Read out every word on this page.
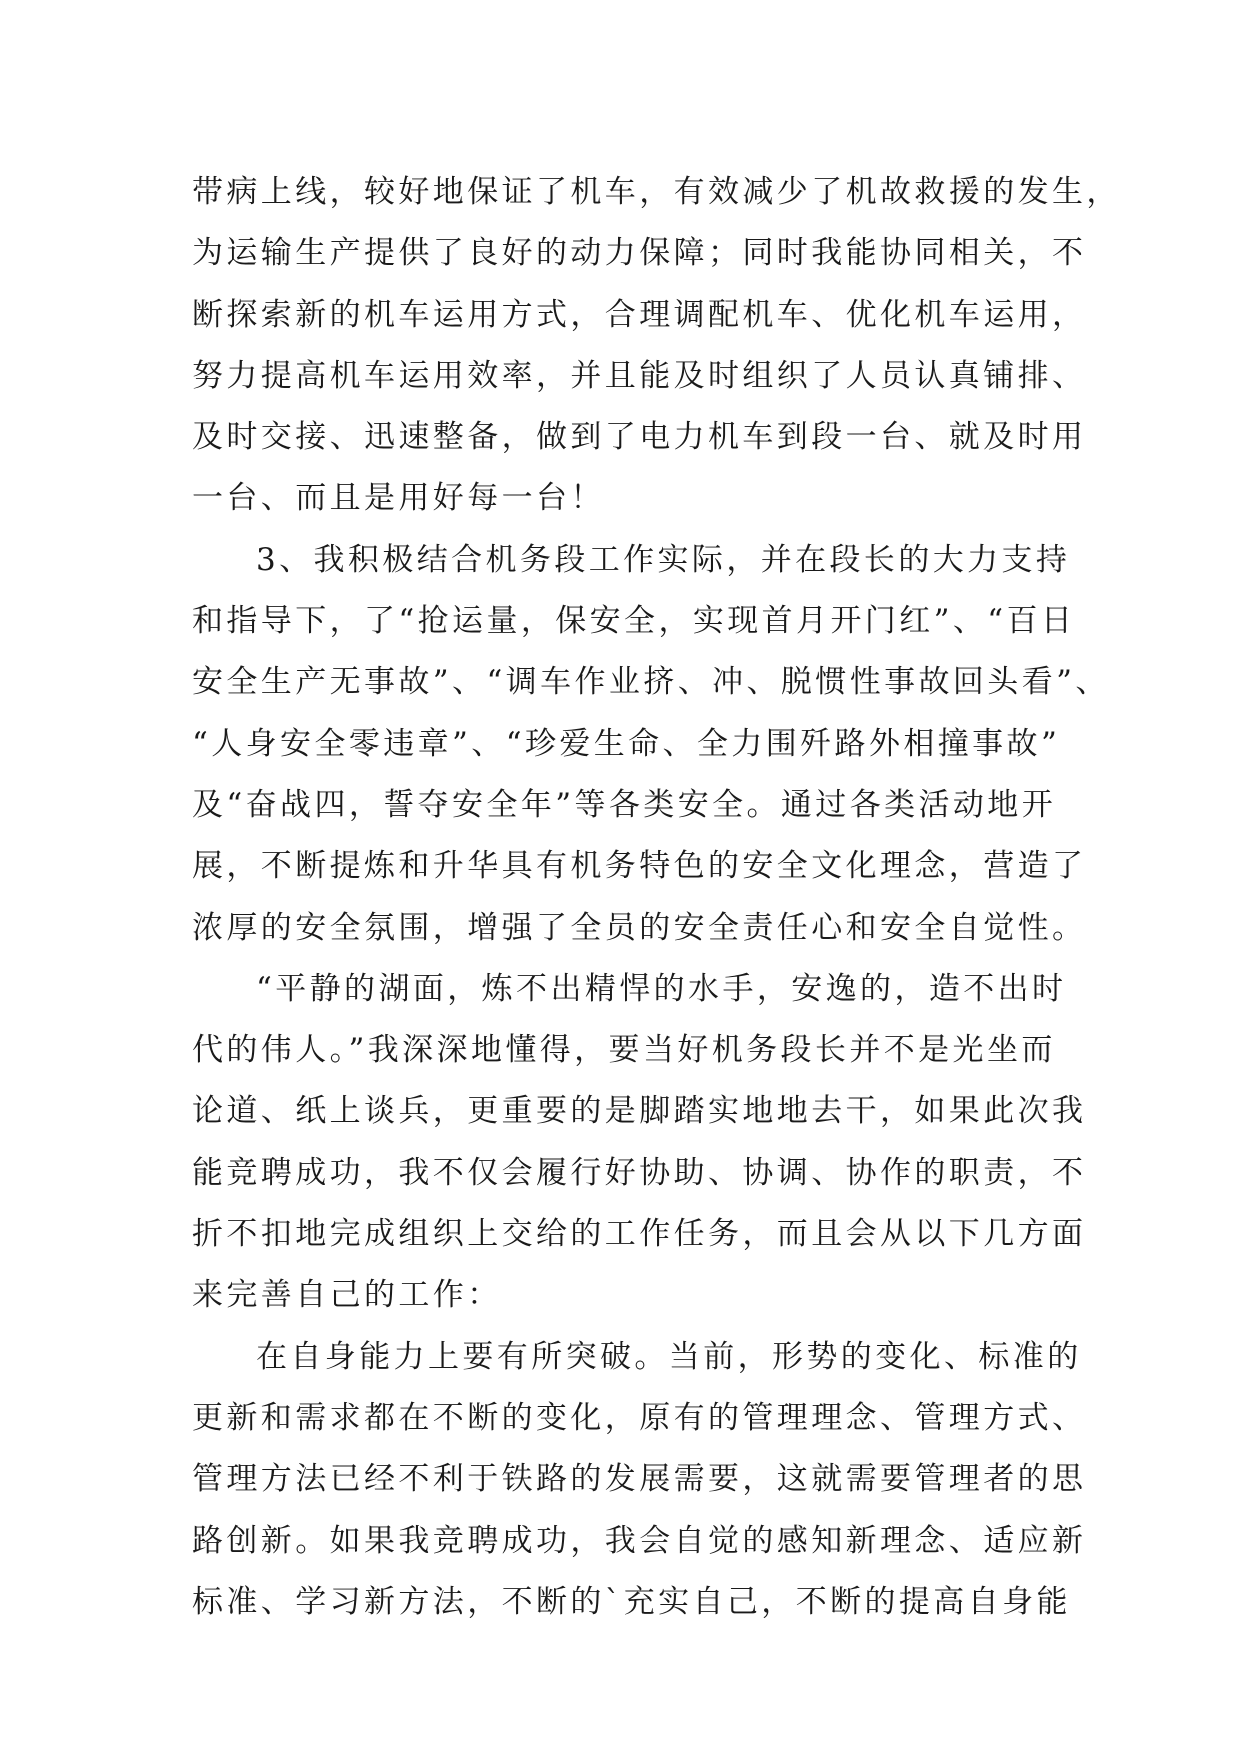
带病上线，较好地保证了机车，有效减少了机故救援的发生，
为运输生产提供了良好的动力保障；同时我能协同相关，不
断探索新的机车运用方式，合理调配机车、优化机车运用，
努力提高机车运用效率，并且能及时组织了人员认真铺排、
及时交接、迅速整备，做到了电力机车到段一台、就及时用
一台、而且是用好每一台！
3、我积极结合机务段工作实际，并在段长的大力支持
和指导下，了“抢运量，保安全，实现首月开门红”、“百日
安全生产无事故”、“调车作业挤、冲、脱惯性事故回头看”、
“人身安全零违章”、“珍爱生命、全力围歼路外相撞事故”
及“奋战四，誓夺安全年”等各类安全。通过各类活动地开
展，不断提炼和升华具有机务特色的安全文化理念，营造了
浓厚的安全氛围，增强了全员的安全责任心和安全自觉性。
“平静的湖面，炼不出精悍的水手，安逸的，造不出时
代的伟人。”我深深地懂得，要当好机务段长并不是光坐而
论道、纸上谈兵，更重要的是脚踏实地地去干，如果此次我
能竞聘成功，我不仅会履行好协助、协调、协作的职责，不
折不扣地完成组织上交给的工作任务，而且会从以下几方面
来完善自己的工作：
在自身能力上要有所突破。当前，形势的变化、标准的
更新和需求都在不断的变化，原有的管理理念、管理方式、
管理方法已经不利于铁路的发展需要，这就需要管理者的思
路创新。如果我竞聘成功，我会自觉的感知新理念、适应新
标准、学习新方法，不断的`充实自己，不断的提高自身能
